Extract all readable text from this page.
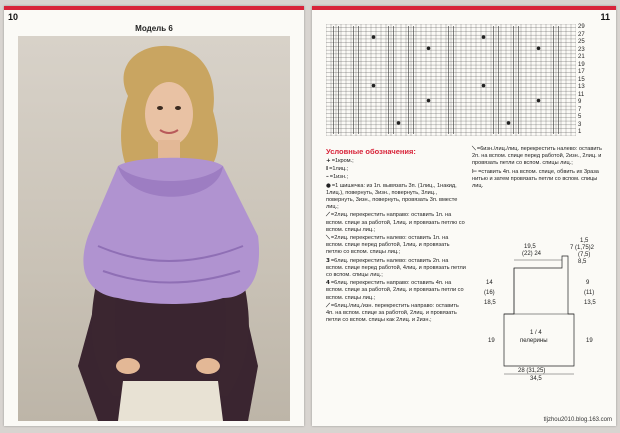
10
Модель 6
11
29
27
25
23
21
19
17
15
13
11
9
7
5
3
1
Условные обозначения:

+=1кром.;

I=1лиц.;

–=1изн.;

●=1 шишечка: из 1п. вывязать 3п. (1лиц., 1накид, 1лиц.), повернуть, 3изн., повернуть, 3лиц., повернуть, 3изн., повернуть, провязать 3п. вместе лиц.;

⟋=2лиц. перекрестить направо: оставить 1п. на вспом. спице за работой, 1лиц. и провязать петлю со вспом. спицы лиц.;

⟍=2лиц. перекрестить налево: оставить 1п. на вспом. спице перед работой, 1лиц. и провязать петлю со вспом. спицы лиц.;

3=6лиц. перекрестить налево: оставить 2п. на вспом. спице перед работой, 4лиц. и провязать петли со вспом. спицы лиц.;

4=6лиц. перекрестить направо: оставить 4п. на вспом. спице за работой, 2лиц. и провязать петли со вспом. спицы лиц.;

⟋=6лиц./лиц./изн. перекрестить направо: оставить 4п. на вспом. спице за работой, 2лиц. и провязать петли со вспом. спицы как 2лиц. и 2изн.;

⟍=6изн./лиц./лиц. перекрестить налево: оставить 2п. на вспом. спице перед работой, 2изн., 2лиц. и провязать петли со вспом. спицы лиц.;

⊢=ставить 4п. на вспом. спице, обвить их 3раза нитью и затем провязать петли со вспом. спицы лиц.

19,5
(22) 24
1,5
7 (1,75)2
(7,5)
8,5
14
(16)
18,5
9
(11)
13,5
19	19
1 / 4
пелерины
28 (31,25)
34,5
tljzhou2010.blog.163.com
